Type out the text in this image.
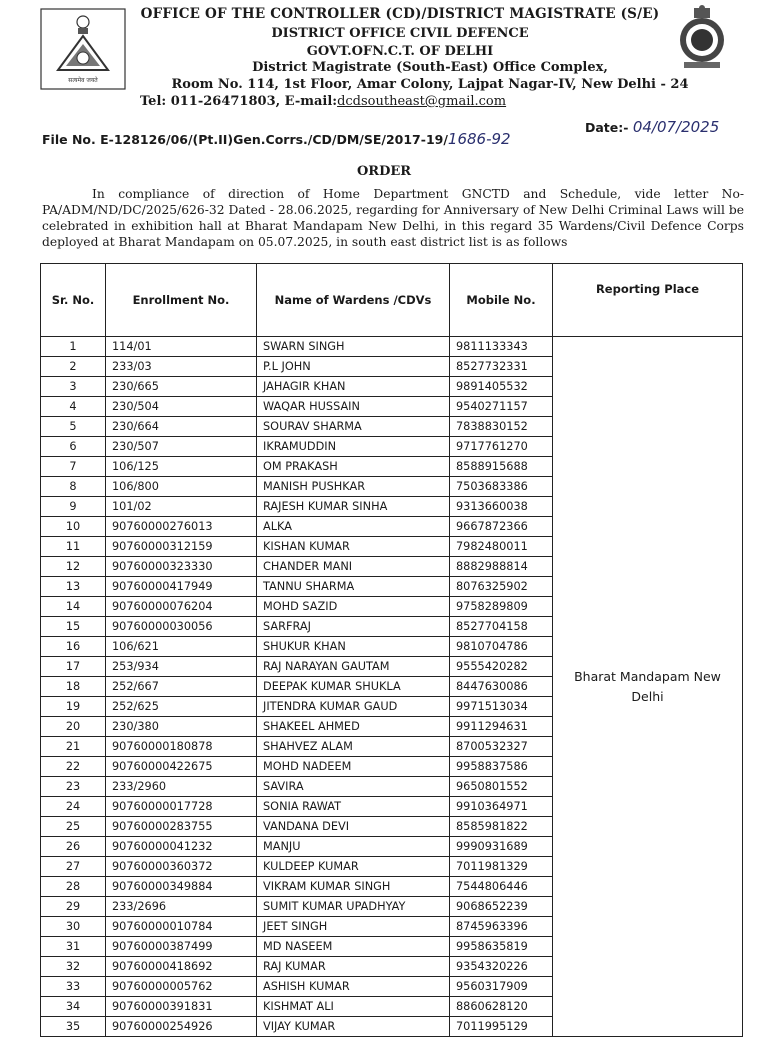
सत्यमेव जयते
OFFICE OF THE CONTROLLER (CD)/DISTRICT MAGISTRATE (S/E)
DISTRICT OFFICE CIVIL DEFENCE
GOVT.OFN.C.T. OF DELHI
District Magistrate (South-East) Office Complex,
Room No. 114, 1st Floor, Amar Colony, Lajpat Nagar-IV, New Delhi - 24
Tel: 011-26471803, E-mail:dcdsoutheast@gmail.com
File No. E-128126/06/(Pt.II)Gen.Corrs./CD/DM/SE/2017-19/1686-92
Date:- 04/07/2025
ORDER
In compliance of direction of Home Department GNCTD and Schedule, vide letter No-PA/ADM/ND/DC/2025/626-32 Dated - 28.06.2025, regarding for Anniversary of New Delhi Criminal Laws will be celebrated in exhibition hall at Bharat Mandapam New Delhi, in this regard 35 Wardens/Civil Defence Corps deployed at Bharat Mandapam on 05.07.2025, in south east district list is as follows
Sr. No.	Enrollment No.	Name of Wardens /CDVs	Mobile No.	Reporting Place
1	114/01	SWARN SINGH	9811133343	Bharat Mandapam New Delhi
2	233/03	P.L JOHN	8527732331	
3	230/665	JAHAGIR KHAN	9891405532	
4	230/504	WAQAR HUSSAIN	9540271157	
5	230/664	SOURAV SHARMA	7838830152	
6	230/507	IKRAMUDDIN	9717761270	
7	106/125	OM PRAKASH	8588915688	
8	106/800	MANISH PUSHKAR	7503683386	
9	101/02	RAJESH KUMAR SINHA	9313660038	
10	90760000276013	ALKA	9667872366	
11	90760000312159	KISHAN KUMAR	7982480011	
12	90760000323330	CHANDER MANI	8882988814	
13	90760000417949	TANNU SHARMA	8076325902	
14	90760000076204	MOHD SAZID	9758289809	
15	90760000030056	SARFRAJ	8527704158	
16	106/621	SHUKUR KHAN	9810704786	
17	253/934	RAJ NARAYAN GAUTAM	9555420282	
18	252/667	DEEPAK KUMAR SHUKLA	8447630086	
19	252/625	JITENDRA KUMAR GAUD	9971513034	
20	230/380	SHAKEEL AHMED	9911294631	
21	90760000180878	SHAHVEZ ALAM	8700532327	
22	90760000422675	MOHD NADEEM	9958837586	
23	233/2960	SAVIRA	9650801552	
24	90760000017728	SONIA RAWAT	9910364971	
25	90760000283755	VANDANA DEVI	8585981822	
26	90760000041232	MANJU	9990931689	
27	90760000360372	KULDEEP KUMAR	7011981329	
28	90760000349884	VIKRAM KUMAR SINGH	7544806446	
29	233/2696	SUMIT KUMAR UPADHYAY	9068652239	
30	90760000010784	JEET SINGH	8745963396	
31	90760000387499	MD NASEEM	9958635819	
32	90760000418692	RAJ KUMAR	9354320226	
33	90760000005762	ASHISH KUMAR	9560317909	
34	90760000391831	KISHMAT ALI	8860628120	
35	90760000254926	VIJAY KUMAR	7011995129	
